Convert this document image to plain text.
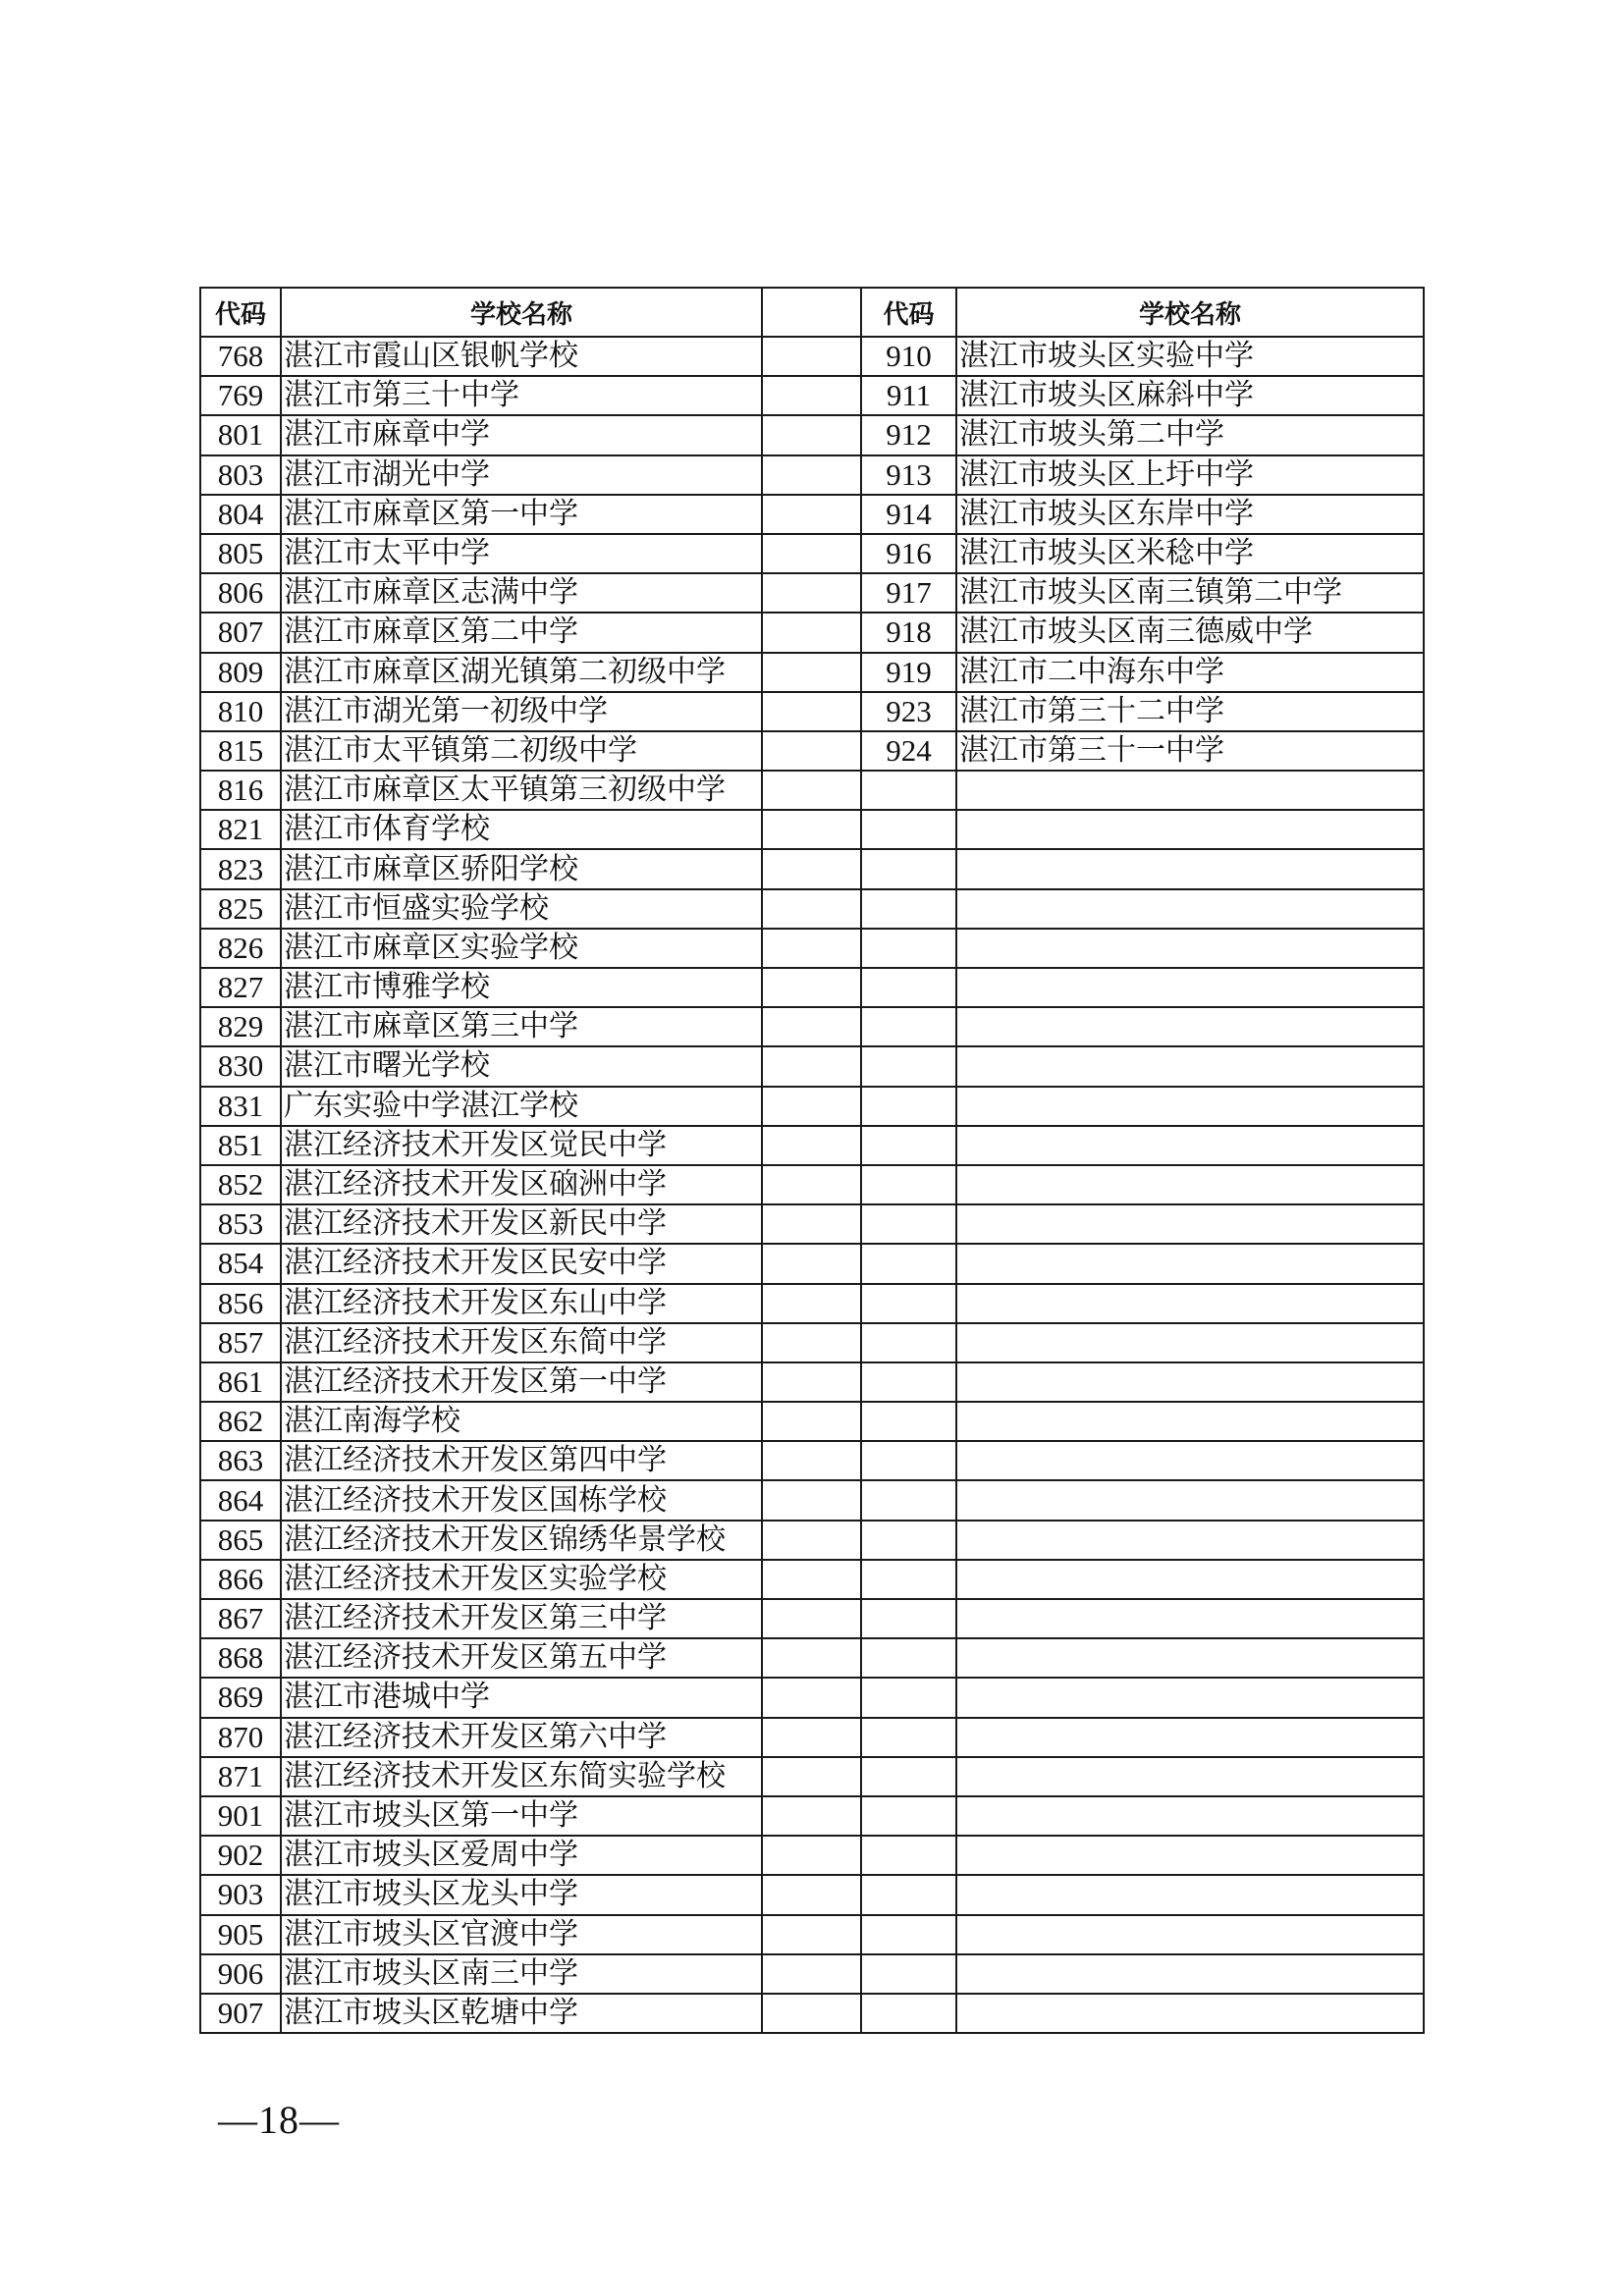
代码	学校名称		代码	学校名称
768	湛江市霞山区银帆学校		910	湛江市坡头区实验中学
769	湛江市第三十中学		911	湛江市坡头区麻斜中学
801	湛江市麻章中学		912	湛江市坡头第二中学
803	湛江市湖光中学		913	湛江市坡头区上圩中学
804	湛江市麻章区第一中学		914	湛江市坡头区东岸中学
805	湛江市太平中学		916	湛江市坡头区米稔中学
806	湛江市麻章区志满中学		917	湛江市坡头区南三镇第二中学
807	湛江市麻章区第二中学		918	湛江市坡头区南三德威中学
809	湛江市麻章区湖光镇第二初级中学		919	湛江市二中海东中学
810	湛江市湖光第一初级中学		923	湛江市第三十二中学
815	湛江市太平镇第二初级中学		924	湛江市第三十一中学
816	湛江市麻章区太平镇第三初级中学			
821	湛江市体育学校			
823	湛江市麻章区骄阳学校			
825	湛江市恒盛实验学校			
826	湛江市麻章区实验学校			
827	湛江市博雅学校			
829	湛江市麻章区第三中学			
830	湛江市曙光学校			
831	广东实验中学湛江学校			
851	湛江经济技术开发区觉民中学			
852	湛江经济技术开发区硇洲中学			
853	湛江经济技术开发区新民中学			
854	湛江经济技术开发区民安中学			
856	湛江经济技术开发区东山中学			
857	湛江经济技术开发区东简中学			
861	湛江经济技术开发区第一中学			
862	湛江南海学校			
863	湛江经济技术开发区第四中学			
864	湛江经济技术开发区国栋学校			
865	湛江经济技术开发区锦绣华景学校			
866	湛江经济技术开发区实验学校			
867	湛江经济技术开发区第三中学			
868	湛江经济技术开发区第五中学			
869	湛江市港城中学			
870	湛江经济技术开发区第六中学			
871	湛江经济技术开发区东简实验学校			
901	湛江市坡头区第一中学			
902	湛江市坡头区爱周中学			
903	湛江市坡头区龙头中学			
905	湛江市坡头区官渡中学			
906	湛江市坡头区南三中学			
907	湛江市坡头区乾塘中学			
—18—
